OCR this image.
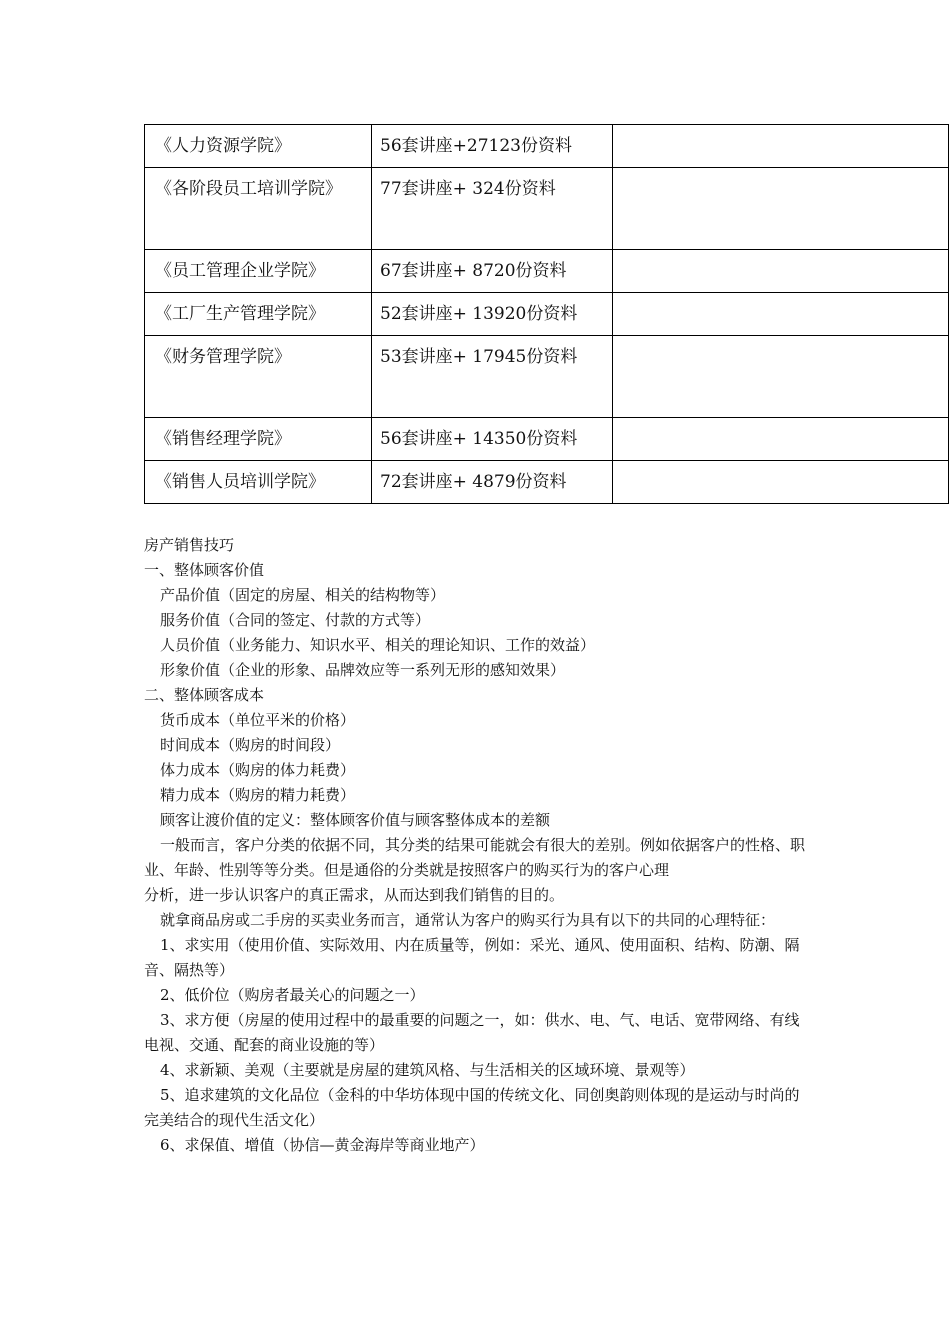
《人力资源学院》	56套讲座+27123份资料	

《各阶段员工培训学院》	77套讲座+ 324份资料	

《员工管理企业学院》	67套讲座+ 8720份资料	

《工厂生产管理学院》	52套讲座+ 13920份资料	

《财务管理学院》	53套讲座+ 17945份资料	

《销售经理学院》	56套讲座+ 14350份资料	

《销售人员培训学院》	72套讲座+ 4879份资料	

房产销售技巧
一、整体顾客价值
产品价值（固定的房屋、相关的结构物等）
服务价值（合同的签定、付款的方式等）
人员价值（业务能力、知识水平、相关的理论知识、工作的效益）
形象价值（企业的形象、品牌效应等一系列无形的感知效果）
二、整体顾客成本
货币成本（单位平米的价格）
时间成本（购房的时间段）
体力成本（购房的体力耗费）
精力成本（购房的精力耗费）
顾客让渡价值的定义：整体顾客价值与顾客整体成本的差额
一般而言，客户分类的依据不同，其分类的结果可能就会有很大的差别。例如依据客户的性格、职业、年龄、性别等等分类。但是通俗的分类就是按照客户的购买行为的客户心理
分析，进一步认识客户的真正需求，从而达到我们销售的目的。
就拿商品房或二手房的买卖业务而言，通常认为客户的购买行为具有以下的共同的心理特征：
1、求实用（使用价值、实际效用、内在质量等，例如：采光、通风、使用面积、结构、防潮、隔音、隔热等）
2、低价位（购房者最关心的问题之一）
3、求方便（房屋的使用过程中的最重要的问题之一，如：供水、电、气、电话、宽带网络、有线电视、交通、配套的商业设施的等）
4、求新颖、美观（主要就是房屋的建筑风格、与生活相关的区域环境、景观等）
5、追求建筑的文化品位（金科的中华坊体现中国的传统文化、同创奥韵则体现的是运动与时尚的完美结合的现代生活文化）
6、求保值、增值（协信—黄金海岸等商业地产）
